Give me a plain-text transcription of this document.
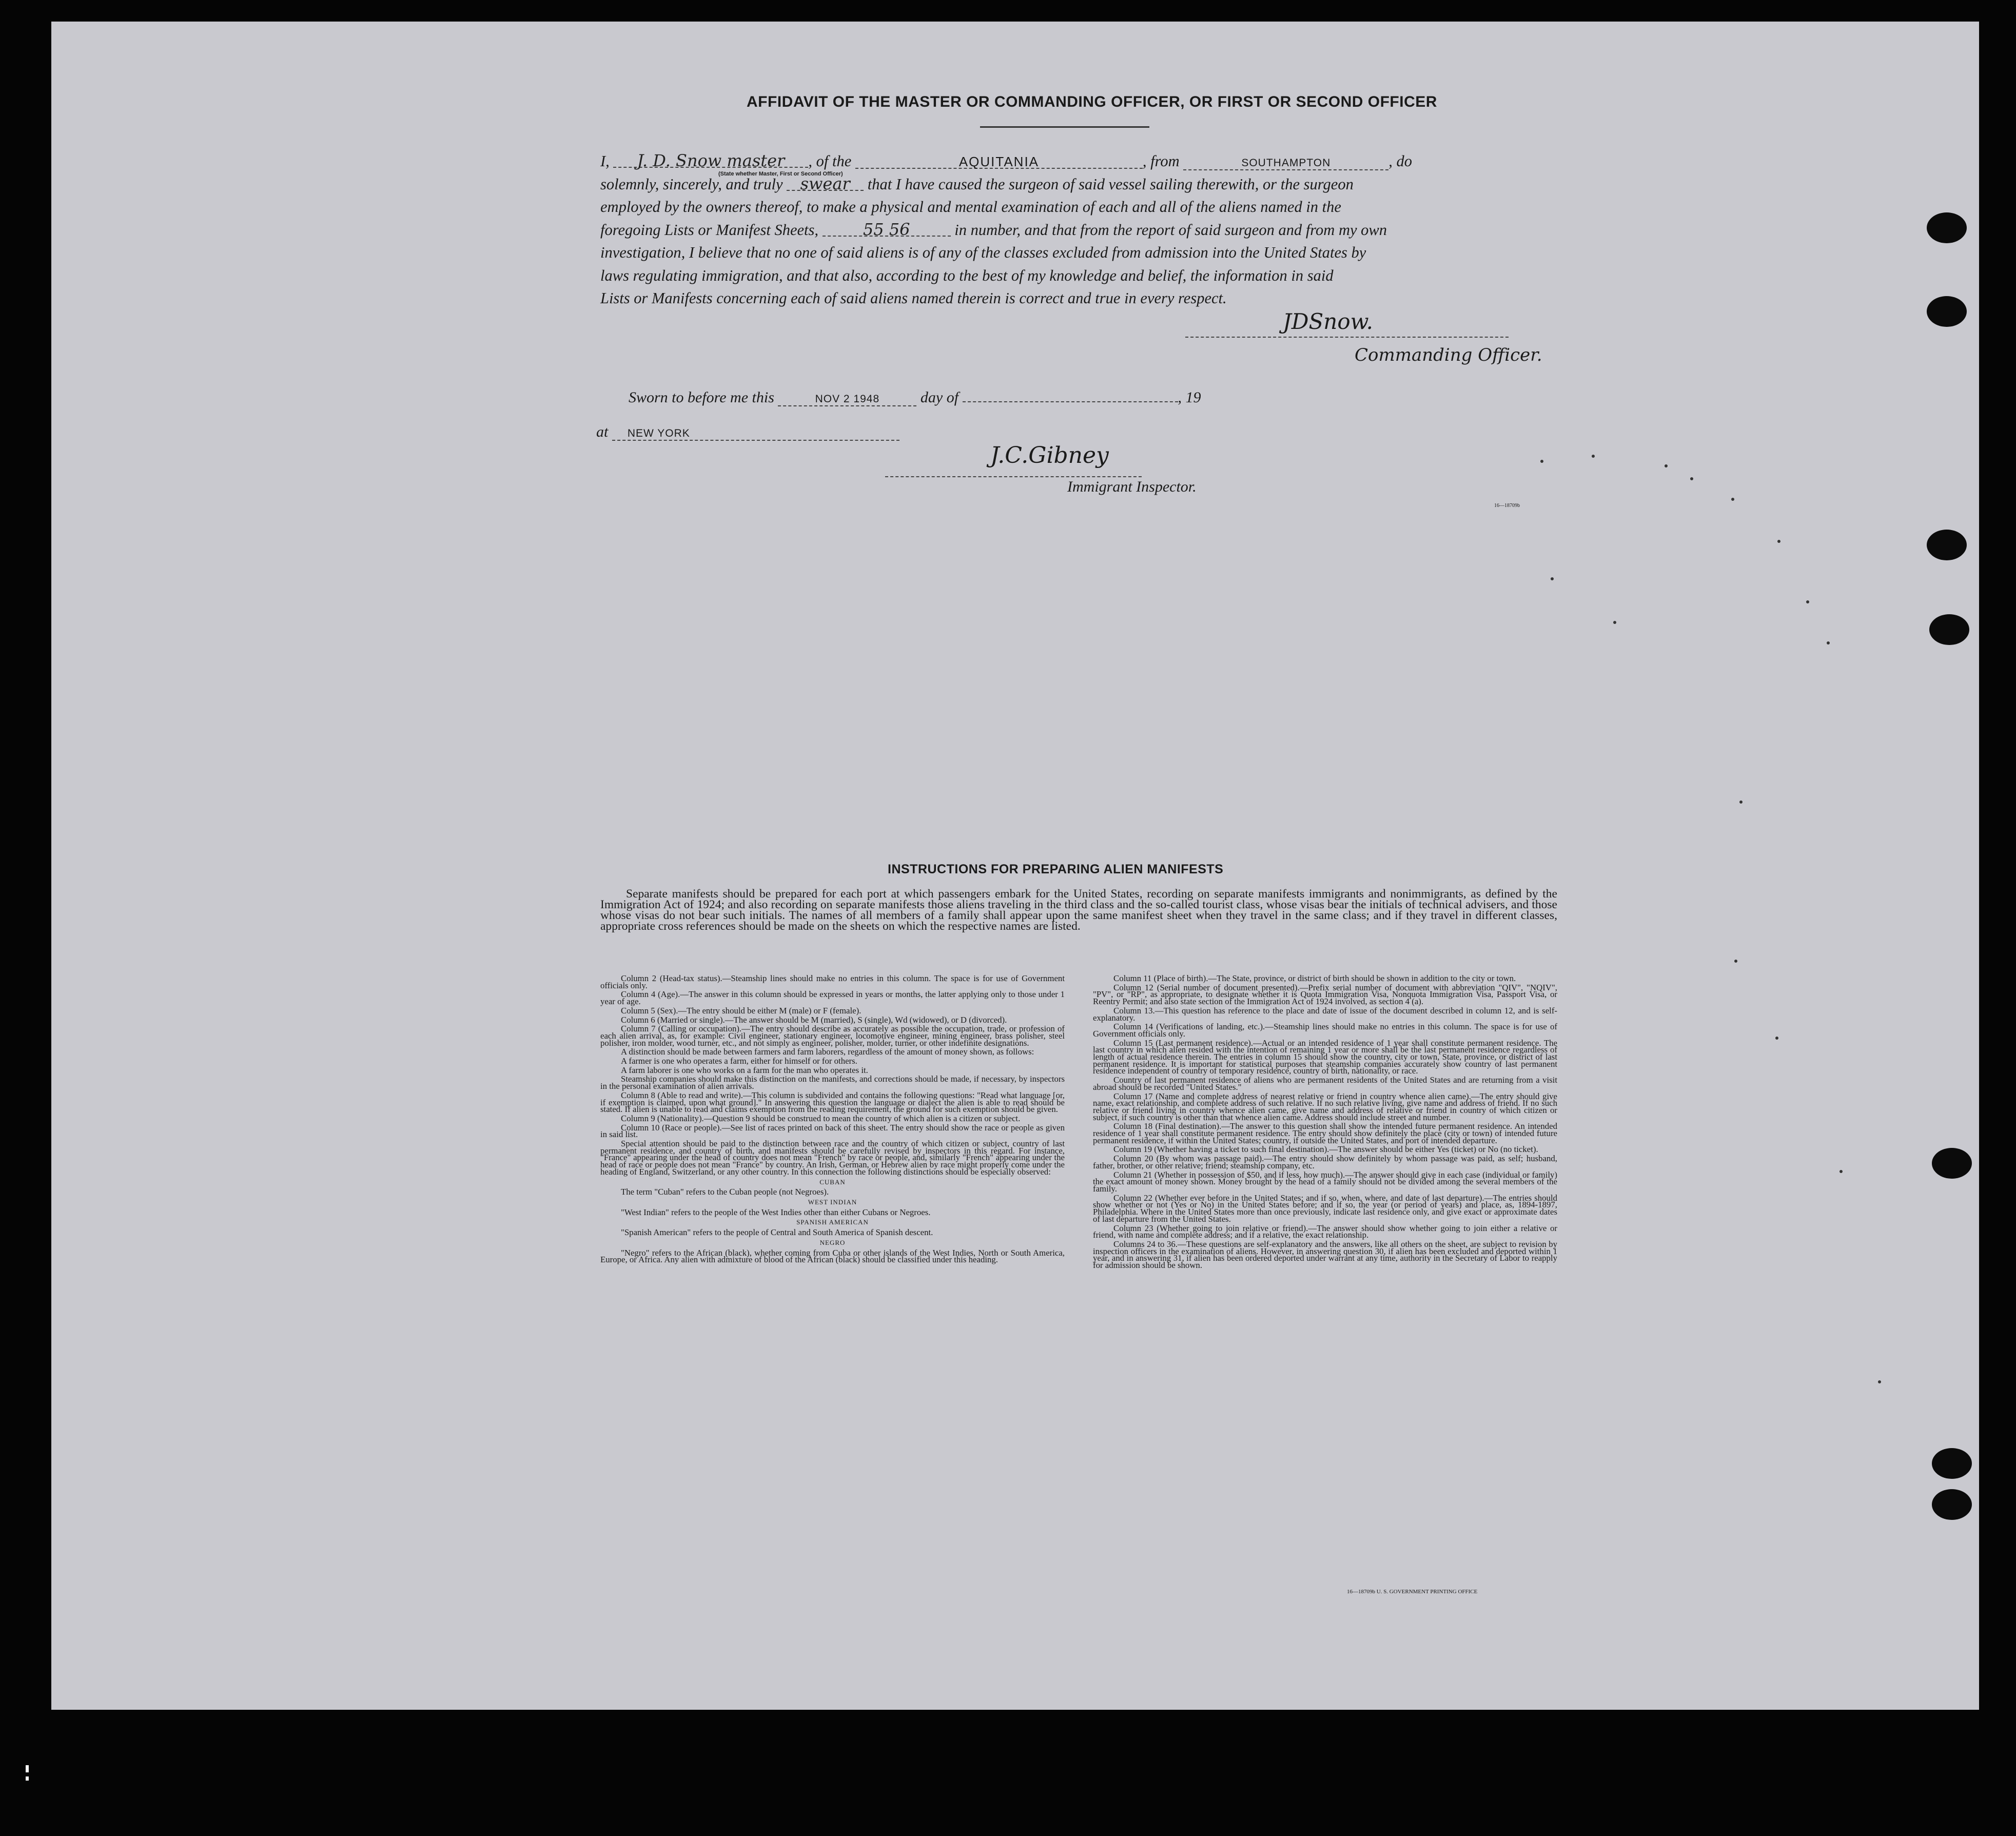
AFFIDAVIT OF THE MASTER OR COMMANDING OFFICER, OR FIRST OR SECOND OFFICER
I, J. D. Snow master , of the	AQUITANIA	, from	SOUTHAMPTON	, do
solemnly, sincerely, and truly swear that I have caused the surgeon of said vessel sailing therewith, or the surgeon
employed by the owners thereof, to make a physical and mental examination of each and all of the aliens named in the
foregoing Lists or Manifest Sheets,	55 56	in number, and that from the report of said surgeon and from my own
investigation, I believe that no one of said aliens is of any of the classes excluded from admission into the United States by
laws regulating immigration, and that also, according to the best of my knowledge and belief, the information in said
Lists or Manifests concerning each of said aliens named therein is correct and true in every respect.
(State whether Master, First or Second Officer)
JDSnow.
Commanding Officer.
Sworn to before me this	NOV 2 1948	day of	, 19
at NEW YORK
J.C.Gibney
Immigrant Inspector.
16—18709b
INSTRUCTIONS FOR PREPARING ALIEN MANIFESTS
Separate manifests should be prepared for each port at which passengers embark for the United States, recording on separate manifests immigrants and nonimmigrants, as defined by the Immigration Act of 1924; and also recording on separate manifests those aliens traveling in the third class and the so-called tourist class, whose visas bear the initials of technical advisers, and those whose visas do not bear such initials. The names of all members of a family shall appear upon the same manifest sheet when they travel in the same class; and if they travel in different classes, appropriate cross references should be made on the sheets on which the respective names are listed.

Column 2 (Head-tax status).—Steamship lines should make no entries in this column. The space is for use of Government officials only.

Column 4 (Age).—The answer in this column should be expressed in years or months, the latter applying only to those under 1 year of age.

Column 5 (Sex).—The entry should be either M (male) or F (female).

Column 6 (Married or single).—The answer should be M (married), S (single), Wd (widowed), or D (divorced).

Column 7 (Calling or occupation).—The entry should describe as accurately as possible the occupation, trade, or profession of each alien arrival, as, for example: Civil engineer, stationary engineer, locomotive engineer, mining engineer, brass polisher, steel polisher, iron molder, wood turner, etc., and not simply as engineer, polisher, molder, turner, or other indefinite designations.

A distinction should be made between farmers and farm laborers, regardless of the amount of money shown, as follows:

A farmer is one who operates a farm, either for himself or for others.

A farm laborer is one who works on a farm for the man who operates it.

Steamship companies should make this distinction on the manifests, and corrections should be made, if necessary, by inspectors in the personal examination of alien arrivals.

Column 8 (Able to read and write).—This column is subdivided and contains the following questions: "Read what language [or, if exemption is claimed, upon what ground]." In answering this question the language or dialect the alien is able to read should be stated. If alien is unable to read and claims exemption from the reading requirement, the ground for such exemption should be given.

Column 9 (Nationality).—Question 9 should be construed to mean the country of which alien is a citizen or subject.

Column 10 (Race or people).—See list of races printed on back of this sheet. The entry should show the race or people as given in said list.

Special attention should be paid to the distinction between race and the country of which citizen or subject, country of last permanent residence, and country of birth, and manifests should be carefully revised by inspectors in this regard. For instance, "France" appearing under the head of country does not mean "French" by race or people, and, similarly "French" appearing under the head of race or people does not mean "France" by country. An Irish, German, or Hebrew alien by race might properly come under the heading of England, Switzerland, or any other country. In this connection the following distinctions should be especially observed:

CUBAN

The term "Cuban" refers to the Cuban people (not Negroes).

WEST INDIAN

"West Indian" refers to the people of the West Indies other than either Cubans or Negroes.

SPANISH AMERICAN

"Spanish American" refers to the people of Central and South America of Spanish descent.

NEGRO

"Negro" refers to the African (black), whether coming from Cuba or other islands of the West Indies, North or South America, Europe, or Africa. Any alien with admixture of blood of the African (black) should be classified under this heading.

Column 11 (Place of birth).—The State, province, or district of birth should be shown in addition to the city or town.

Column 12 (Serial number of document presented).—Prefix serial number of document with abbreviation "QIV", "NQIV", "PV", or "RP", as appropriate, to designate whether it is Quota Immigration Visa, Nonquota Immigration Visa, Passport Visa, or Reentry Permit; and also state section of the Immigration Act of 1924 involved, as section 4 (a).

Column 13.—This question has reference to the place and date of issue of the document described in column 12, and is self-explanatory.

Column 14 (Verifications of landing, etc.).—Steamship lines should make no entries in this column. The space is for use of Government officials only.

Column 15 (Last permanent residence).—Actual or an intended residence of 1 year shall constitute permanent residence. The last country in which alien resided with the intention of remaining 1 year or more shall be the last permanent residence regardless of length of actual residence therein. The entries in column 15 should show the country, city or town, State, province, or district of last permanent residence. It is important for statistical purposes that steamship companies accurately show country of last permanent residence independent of country of temporary residence, country of birth, nationality, or race.

Country of last permanent residence of aliens who are permanent residents of the United States and are returning from a visit abroad should be recorded "United States."

Column 17 (Name and complete address of nearest relative or friend in country whence alien came).—The entry should give name, exact relationship, and complete address of such relative. If no such relative living, give name and address of friend. If no such relative or friend living in country whence alien came, give name and address of relative or friend in country of which citizen or subject, if such country is other than that whence alien came. Address should include street and number.

Column 18 (Final destination).—The answer to this question shall show the intended future permanent residence. An intended residence of 1 year shall constitute permanent residence. The entry should show definitely the place (city or town) of intended future permanent residence, if within the United States; country, if outside the United States, and port of intended departure.

Column 19 (Whether having a ticket to such final destination).—The answer should be either Yes (ticket) or No (no ticket).

Column 20 (By whom was passage paid).—The entry should show definitely by whom passage was paid, as self; husband, father, brother, or other relative; friend; steamship company, etc.

Column 21 (Whether in possession of $50, and if less, how much).—The answer should give in each case (individual or family) the exact amount of money shown. Money brought by the head of a family should not be divided among the several members of the family.

Column 22 (Whether ever before in the United States; and if so, when, where, and date of last departure).—The entries should show whether or not (Yes or No) in the United States before; and if so, the year (or period of years) and place, as, 1894-1897, Philadelphia. Where in the United States more than once previously, indicate last residence only, and give exact or approximate dates of last departure from the United States.

Column 23 (Whether going to join relative or friend).—The answer should show whether going to join either a relative or friend, with name and complete address; and if a relative, the exact relationship.

Columns 24 to 36.—These questions are self-explanatory and the answers, like all others on the sheet, are subject to revision by inspection officers in the examination of aliens. However, in answering question 30, if alien has been excluded and deported within 1 year, and in answering 31, if alien has been ordered deported under warrant at any time, authority in the Secretary of Labor to reapply for admission should be shown.

16—18709b U. S. GOVERNMENT PRINTING OFFICE
